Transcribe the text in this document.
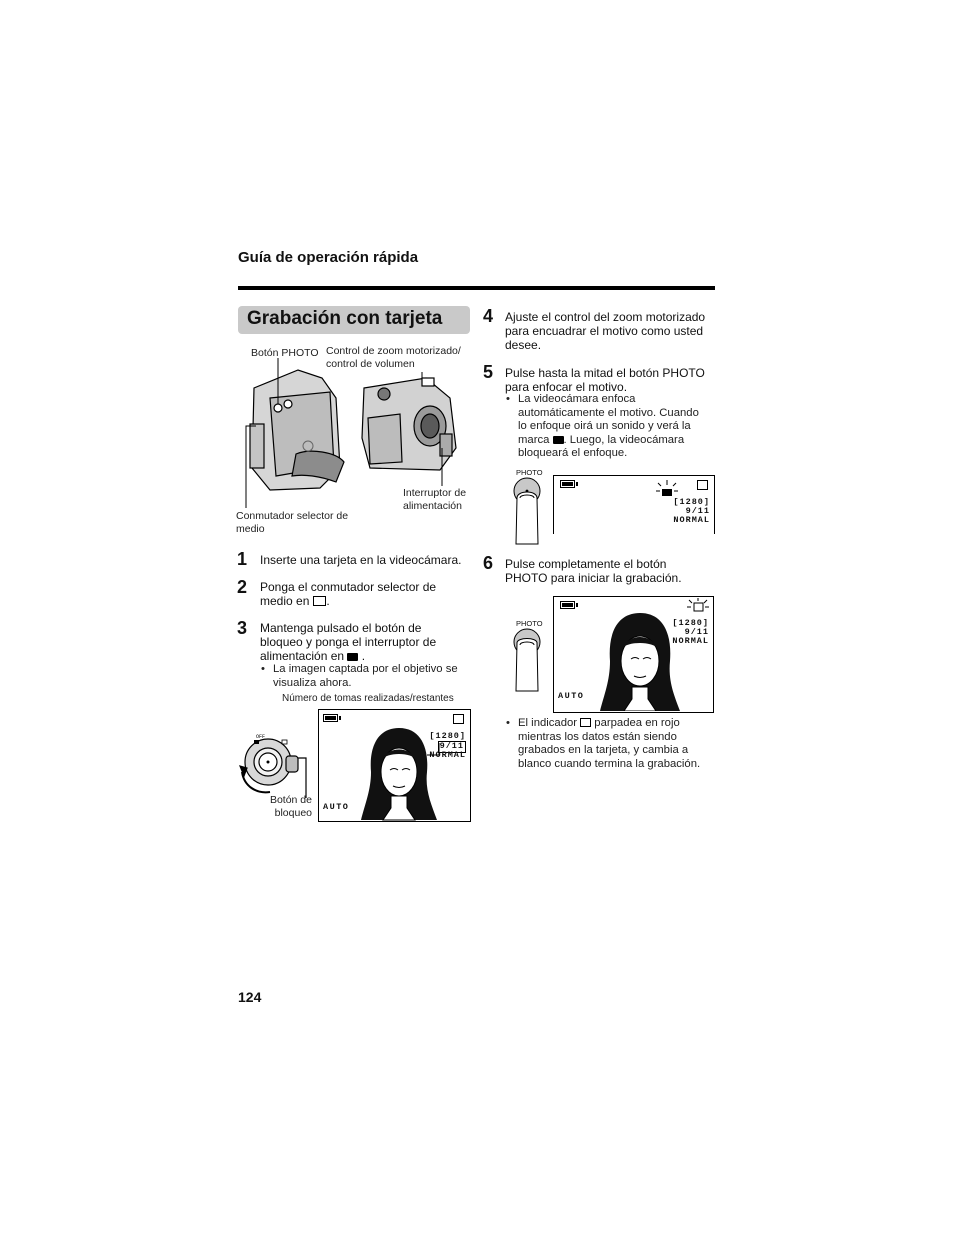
Guía de operación rápida
Grabación con tarjeta
Botón PHOTO Control de zoom motorizado/
control de volumen
Interruptor de
alimentación
Conmutador selector de
medio
1 Inserte una tarjeta en la videocámara.
2 Ponga el conmutador selector de
medio en .
3 Mantenga pulsado el botón de
bloqueo y ponga el interruptor de
alimentación en  .
• La imagen captada por el objetivo se
visualiza ahora.
Número de tomas realizadas/restantes
OFF
Botón de
bloqueo
[1280]
9/11
NORMAL
AUTO
4 Ajuste el control del zoom motorizado
para encuadrar el motivo como usted
desee.
5 Pulse hasta la mitad el botón PHOTO
para enfocar el motivo.
• La videocámara enfoca
automáticamente el motivo. Cuando
lo enfoque oirá un sonido y verá la
marca . Luego, la videocámara
bloqueará el enfoque.
PHOTO
[1280]
9/11
NORMAL
6 Pulse completamente el botón
PHOTO para iniciar la grabación.
PHOTO	[1280]
9/11
NORMAL
AUTO
• El indicador  parpadea en rojo
mientras los datos están siendo
grabados en la tarjeta, y cambia a
blanco cuando termina la grabación.
124
